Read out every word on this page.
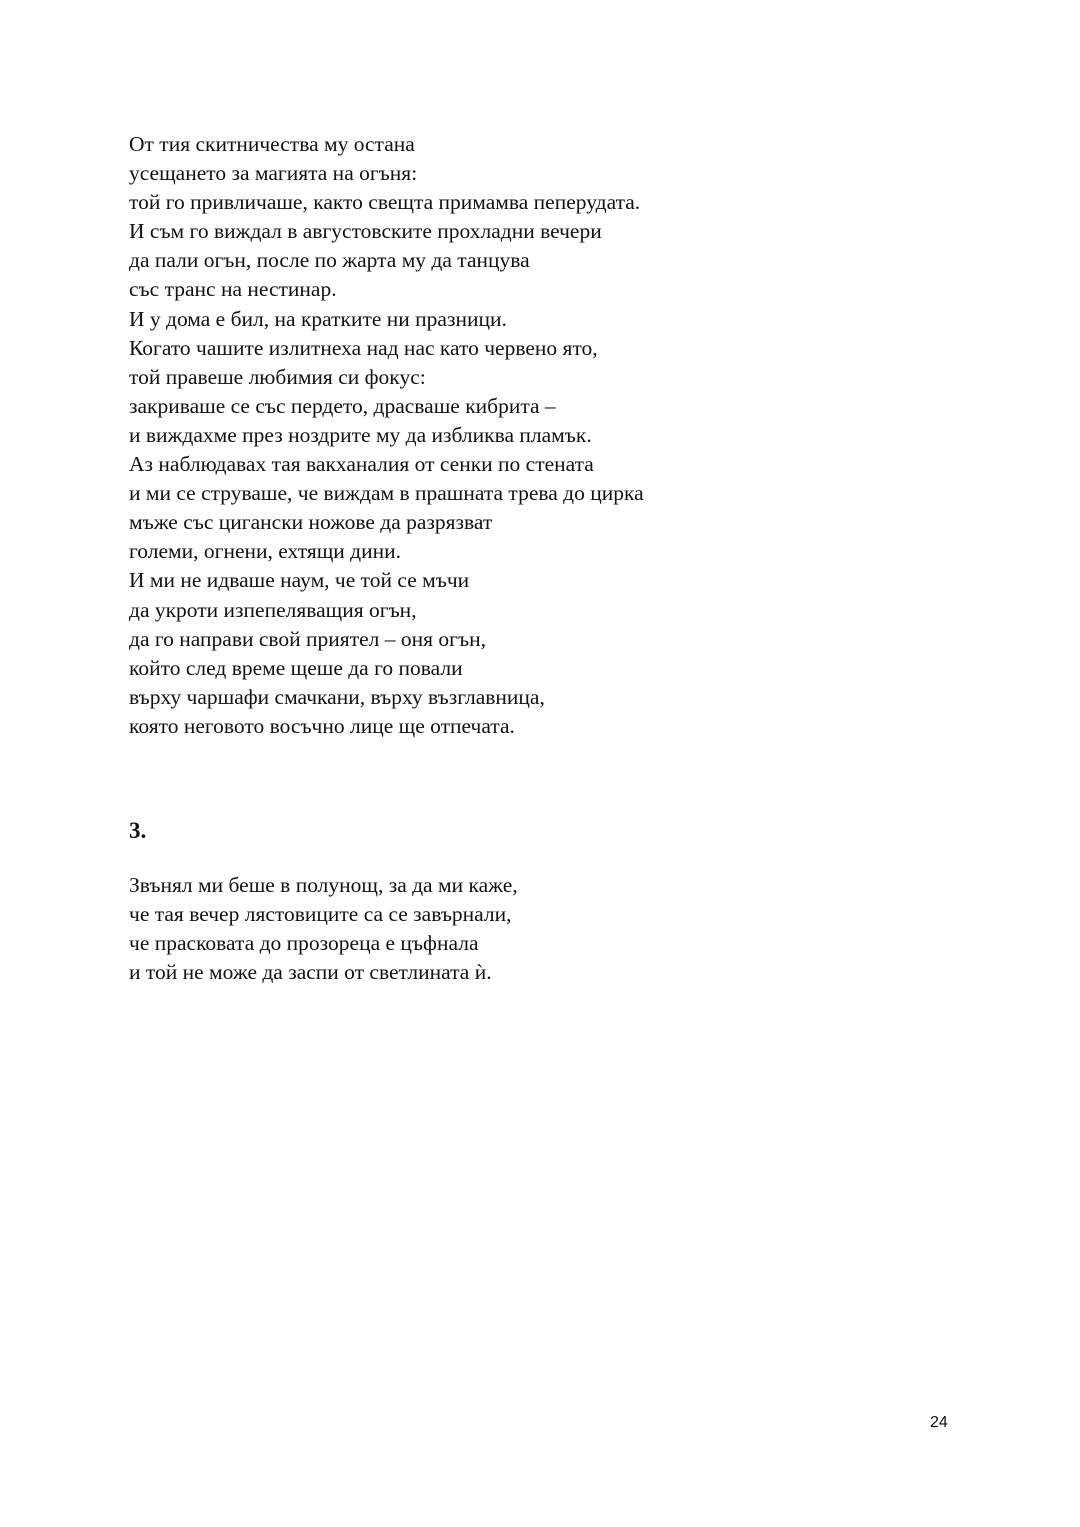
От тия скитничества му остана
усещането за магията на огъня:
той го привличаше, както свещта примамва пеперудата.
И съм го виждал в августовските прохладни вечери
да пали огън, после по жарта му да танцува
със транс на нестинар.
И у дома е бил, на кратките ни празници.
Когато чашите излитнеха над нас като червено ято,
той правеше любимия си фокус:
закриваше се със пердето, драсваше кибрита –
и виждахме през ноздрите му да избликва пламък.
Аз наблюдавах тая вакханалия от сенки по стената
и ми се струваше, че виждам в прашната трева до цирка
мъже със цигански ножове да разрязват
големи, огнени, ехтящи дини.
И ми не идваше наум, че той се мъчи
да укроти изпепеляващия огън,
да го направи свой приятел – оня огън,
който след време щеше да го повали
върху чаршафи смачкани, върху възглавница,
която неговото восъчно лице ще отпечата.
3.
Звънял ми беше в полунощ, за да ми каже,
че тая вечер лястовиците са се завърнали,
че прасковата до прозореца е цъфнала
и той не може да заспи от светлината ѝ.
24
